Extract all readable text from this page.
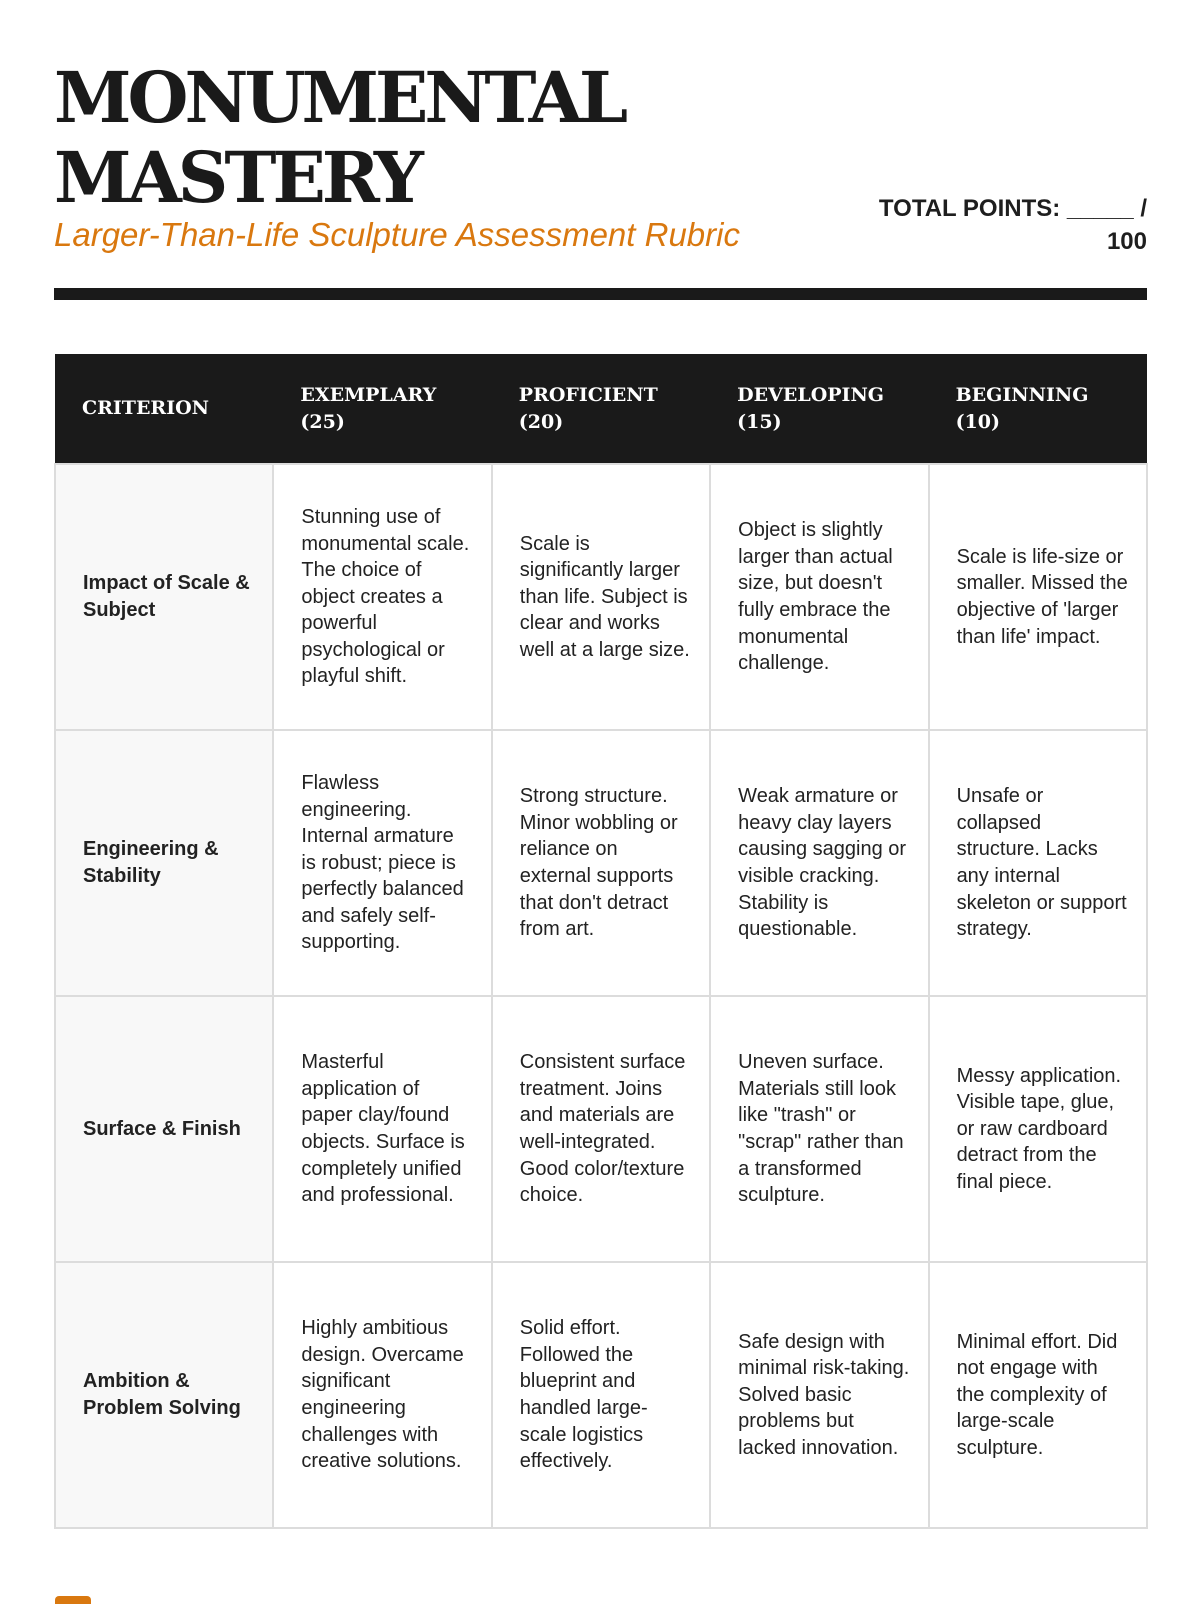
MONUMENTAL
MASTERY
Larger-Than-Life Sculpture Assessment Rubric
TOTAL POINTS: _____ /
100
CRITERION	EXEMPLARY (25)	PROFICIENT (20)	DEVELOPING (15)	BEGINNING (10)
Impact of Scale & Subject	Stunning use of monumental scale. The choice of object creates a powerful psychological or playful shift.	Scale is significantly larger than life. Subject is clear and works well at a large size.	Object is slightly larger than actual size, but doesn't fully embrace the monumental challenge.	Scale is life-size or smaller. Missed the objective of 'larger than life' impact.
Engineering & Stability	Flawless engineering. Internal armature is robust; piece is perfectly balanced and safely self-supporting.	Strong structure. Minor wobbling or reliance on external supports that don't detract from art.	Weak armature or heavy clay layers causing sagging or visible cracking. Stability is questionable.	Unsafe or collapsed structure. Lacks any internal skeleton or support strategy.
Surface & Finish	Masterful application of paper clay/found objects. Surface is completely unified and professional.	Consistent surface treatment. Joins and materials are well-integrated. Good color/texture choice.	Uneven surface. Materials still look like "trash" or "scrap" rather than a transformed sculpture.	Messy application. Visible tape, glue, or raw cardboard detract from the final piece.
Ambition & Problem Solving	Highly ambitious design. Overcame significant engineering challenges with creative solutions.	Solid effort. Followed the blueprint and handled large-scale logistics effectively.	Safe design with minimal risk-taking. Solved basic problems but lacked innovation.	Minimal effort. Did not engage with the complexity of large-scale sculpture.
